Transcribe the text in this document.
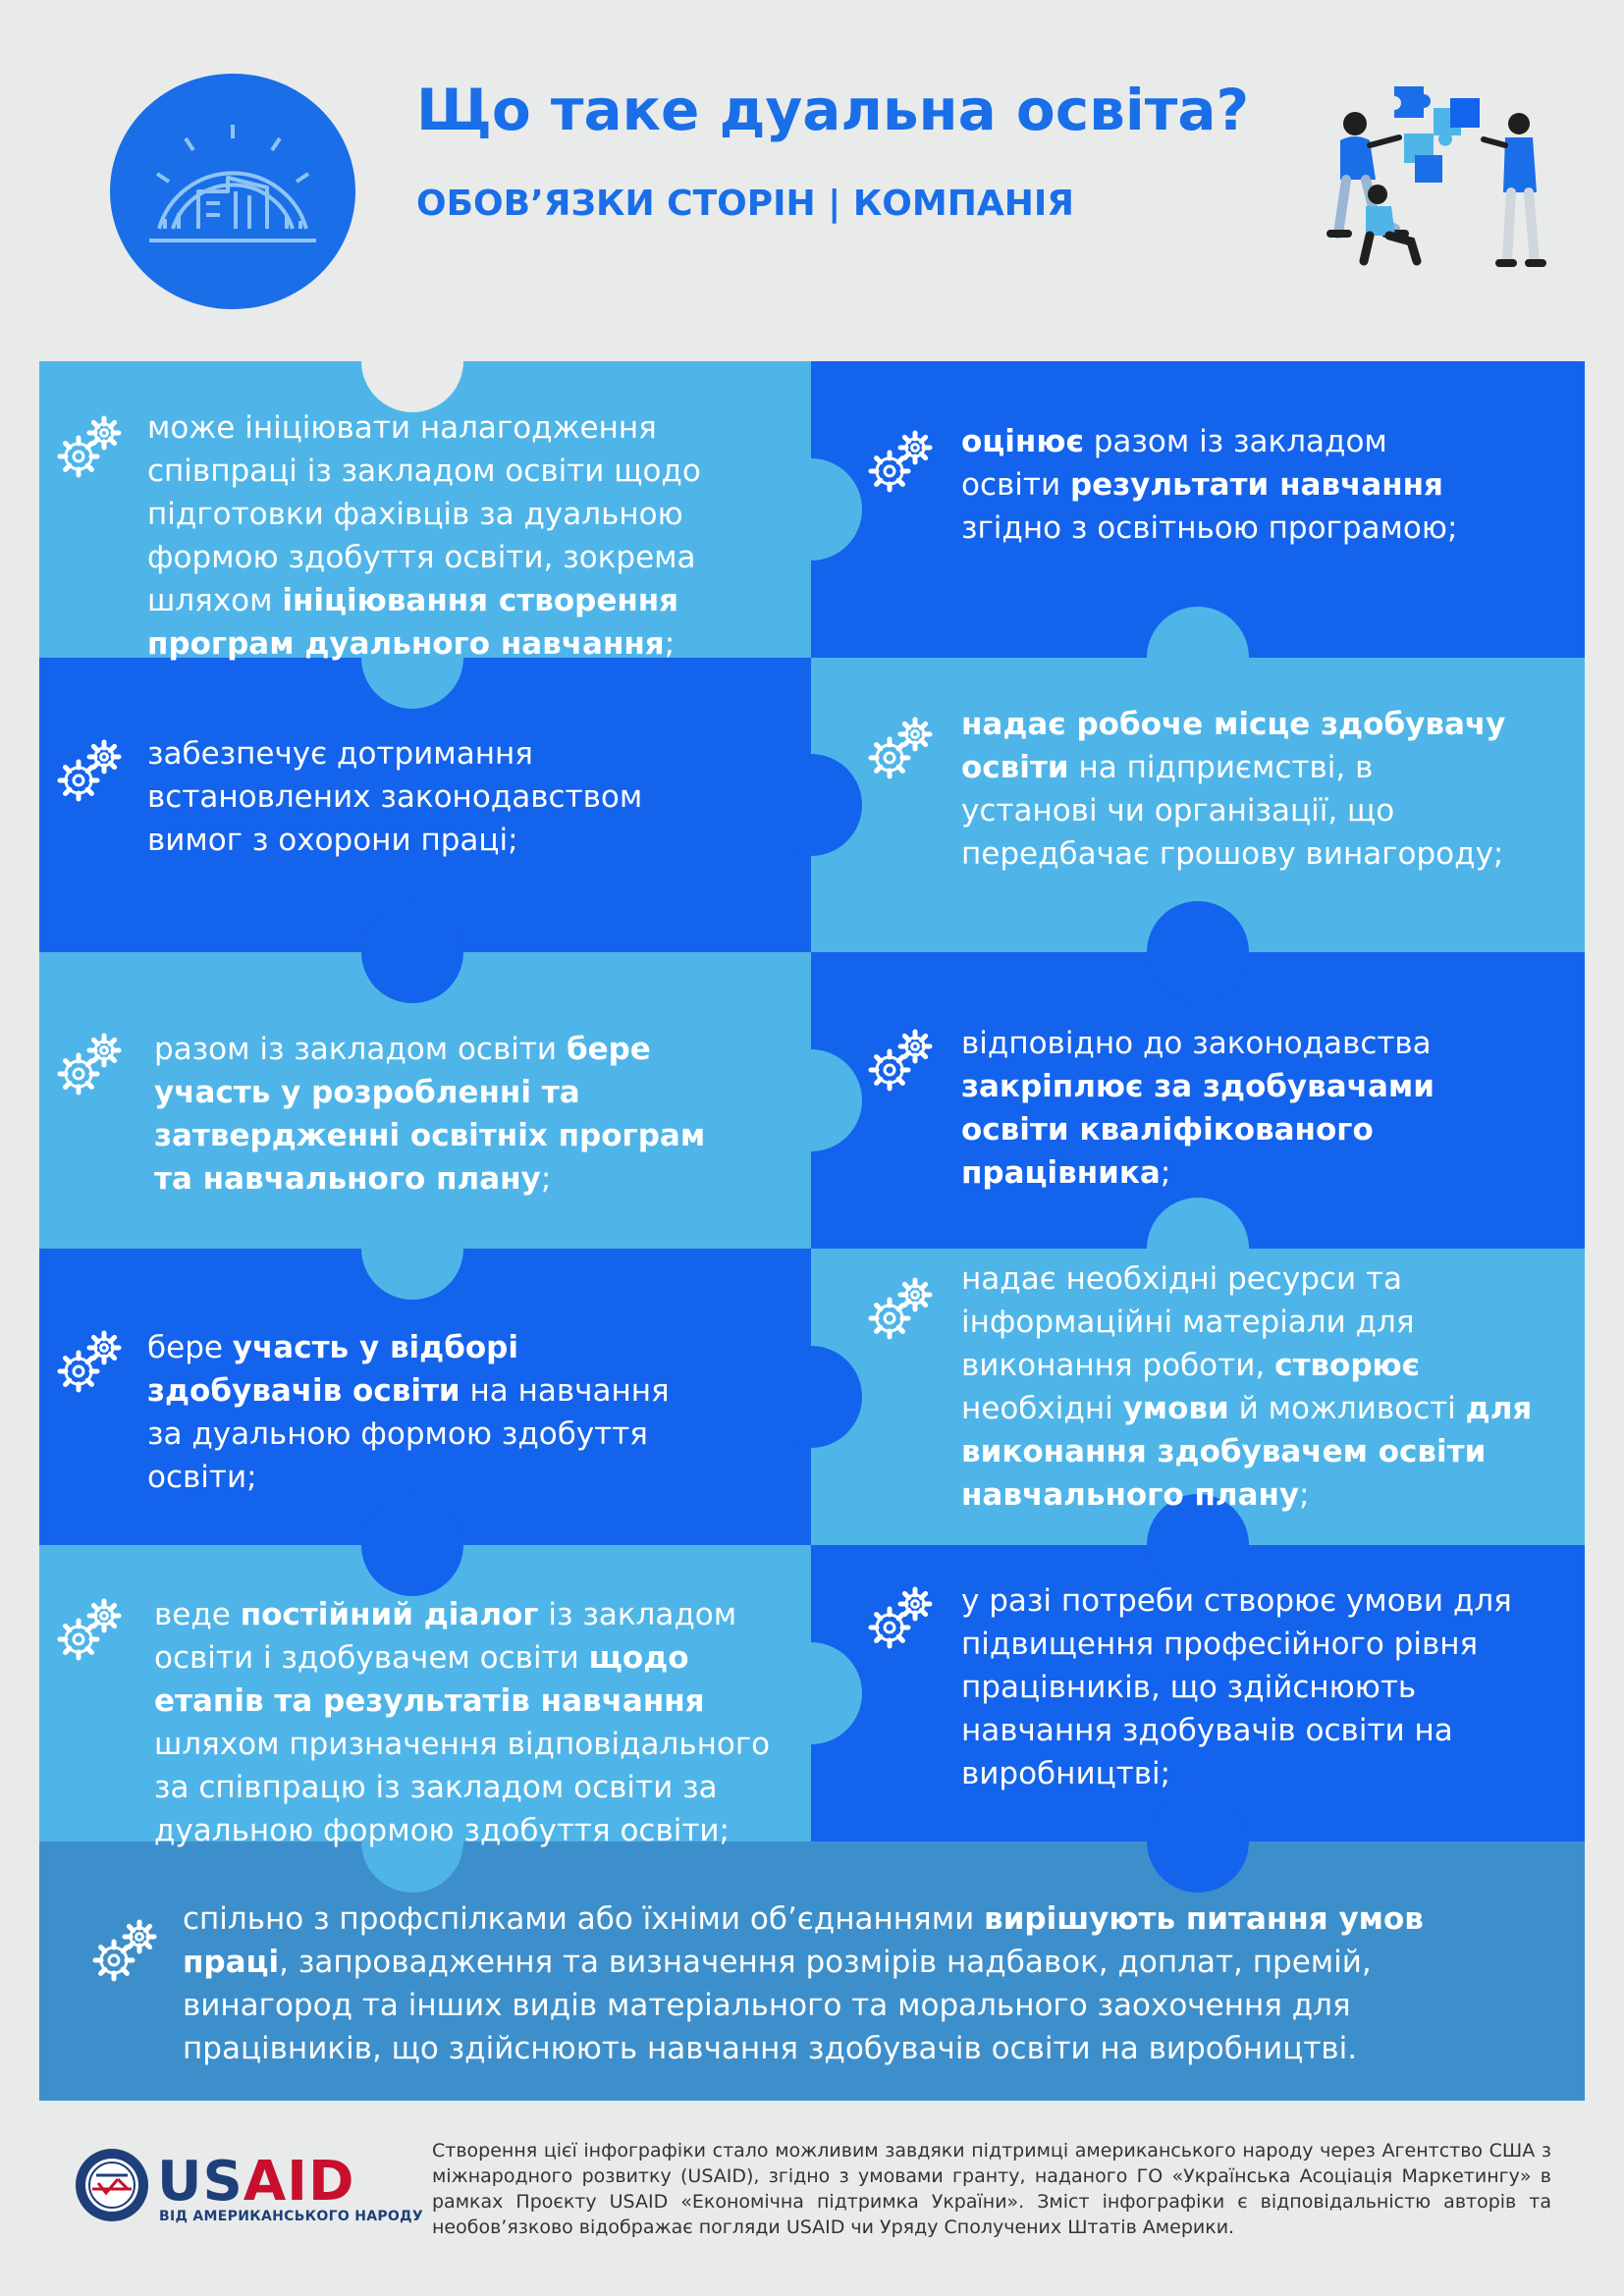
Що таке дуальна освіта?
ОБОВ’ЯЗКИ СТОРІН | КОМПАНІЯ
може ініціювати налагодження співпраці із закладом освіти щодо підготовки фахівців за дуальною формою здобуття освіти, зокрема шляхом ініціювання створення програм дуального навчання;
оцінює разом із закладом освіти результати навчання згідно з освітньою програмою;
забезпечує дотримання встановлених законодавством вимог з охорони праці;
надає робоче місце здобувачу освіти на підприємстві, в установі чи організації, що передбачає грошову винагороду;
разом із закладом освіти бере участь у розробленні та затвердженні освітніх програм та навчального плану;
відповідно до законодавства закріплює за здобувачами освіти кваліфікованого працівника;
бере участь у відборі здобувачів освіти на навчання за дуальною формою здобуття освіти;
надає необхідні ресурси та інформаційні матеріали для виконання роботи, створює необхідні умови й можливості для виконання здобувачем освіти навчального плану;
веде постійний діалог із закладом освіти і здобувачем освіти щодо етапів та результатів навчання шляхом призначення відповідального за співпрацю із закладом освіти за дуальною формою здобуття освіти;
у разі потреби створює умови для підвищення професійного рівня працівників, що здійснюють навчання здобувачів освіти на виробництві;
спільно з профспілками або їхніми об’єднаннями вирішують питання умов праці, запровадження та визначення розмірів надбавок, доплат, премій, винагород та інших видів матеріального та морального заохочення для працівників, що здійснюють навчання здобувачів освіти на виробництві.
USAID
ВІД АМЕРИКАНСЬКОГО НАРОДУ
Створення цієї інфографіки стало можливим завдяки підтримці американського народу через Агентство США з міжнародного розвитку (USAID), згідно з умовами гранту, наданого ГО «Українська Асоціація Маркетингу» в рамках Проєкту USAID «Економічна підтримка України». Зміст інфографіки є відповідальністю авторів та необов’язково відображає погляди USAID чи Уряду Сполучених Штатів Америки.
